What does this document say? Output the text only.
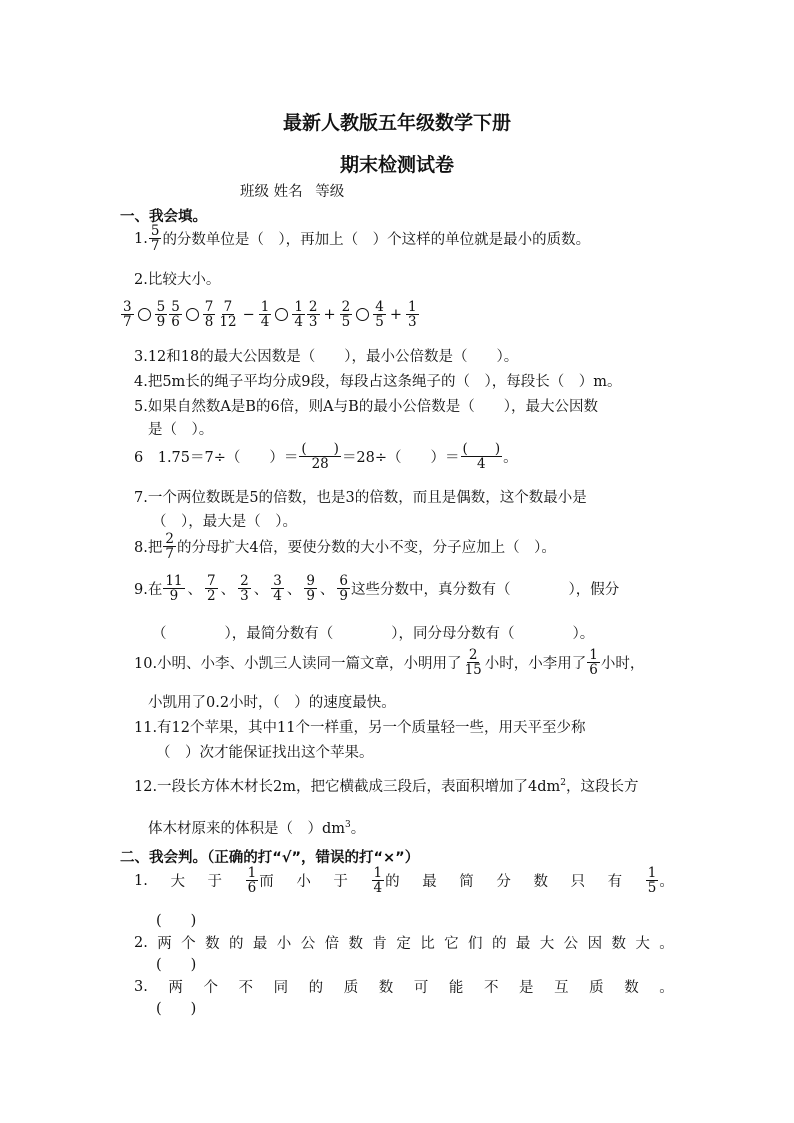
最新人教版五年级数学下册
期末检测试卷
班级 姓名 等级
一、我会填。
1. $\frac{5}{7}$ 的分数单位是（　），再加上（　）个这样的单位就是最小的质数。
2.比较大小。
$\frac{3}{7} \frac{5}{9} \frac{5}{6} \frac{7}{8} \frac{7}{12} - \frac{1}{4} \frac{1}{4} \frac{2}{3} + \frac{2}{5} \frac{4}{5} + \frac{1}{3}$
3.12和18的最大公因数是（　　），最小公倍数是（　　）。
4.把5m长的绳子平均分成9段，每段占这条绳子的（　），每段长（　）m。
5.如果自然数A是B的6倍，则A与B的最小公倍数是（　　），最大公因数
是（　）。
6　1.75＝7÷（　　）＝ $\frac{( )}{28} =28\div$（　　）＝ $\frac{( )}{4}$ 。
7.一个两位数既是5的倍数，也是3的倍数，而且是偶数，这个数最小是
（　），最大是（　）。
8.把 $\frac{2}{7}$ 的分母扩大4倍，要使分数的大小不变，分子应加上（　）。
9.在 $\frac{11}{9}$ 、 $\frac{7}{2}$ 、 $\frac{2}{3}$ 、 $\frac{3}{4}$ 、 $\frac{9}{9}$ 、 $\frac{6}{9}$ 这些分数中，真分数有（　　　　），假分
（　　　　），最简分数有（　　　　），同分母分数有（　　　　）。
10.小明、小李、小凯三人读同一篇文章，小明用了 $\frac{2}{15}$ 小时，小李用了 $\frac{1}{6}$ 小时，
小凯用了0.2小时，（　）的速度最快。
11.有12个苹果，其中11个一样重，另一个质量轻一些，用天平至少称
（　）次才能保证找出这个苹果。
12.一段长方体木材长2m，把它横截成三段后，表面积增加了$4dm^2$，这段长方
体木材原来的体积是（　）$dm^3$。
二、我会判。（正确的打“√”，错误的打“×”）
1. 大 于 $\frac{1}{6}$ 而 小 于 $\frac{1}{4}$ 的 最 简 分 数 只 有 $\frac{1}{5}$ 。
(　　)
2. 两 个 数 的 最 小 公 倍 数 肯 定 比 它 们 的 最 大 公 因 数 大 。
(　　)
3. 两 个 不 同 的 质 数 可 能 不 是 互 质 数 。
(　　)
